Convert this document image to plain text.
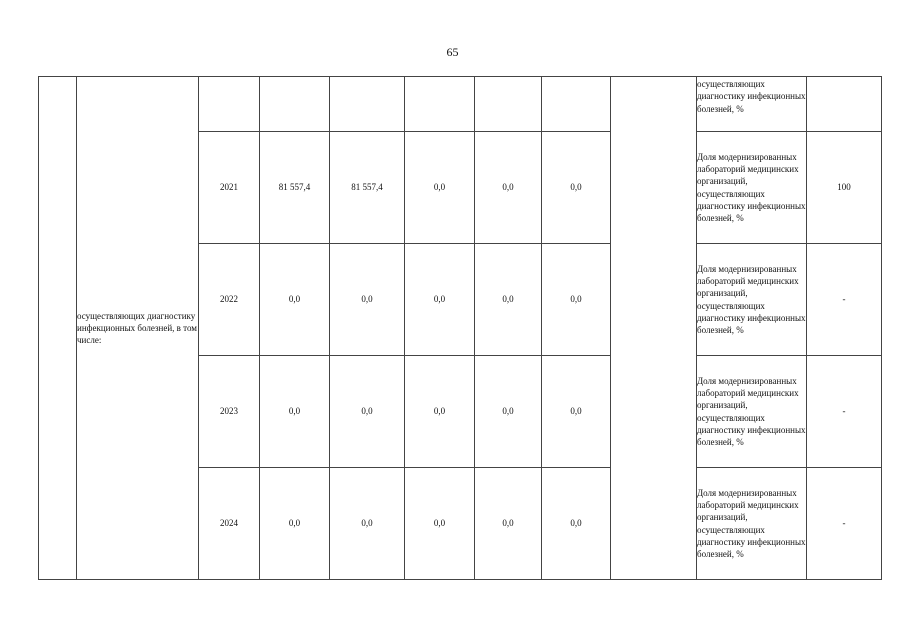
65
	осуществляющих диагностику инфекционных болезней, в том числе:								осуществляющих диагностику инфекционных болезней, %	

		2021	81 557,4	81 557,4	0,0	0,0	0,0		Доля модернизированных лабораторий медицинских организаций, осуществляющих диагностику инфекционных болезней, %	100
		2022	0,0	0,0	0,0	0,0	0,0		Доля модернизированных лабораторий медицинских организаций, осуществляющих диагностику инфекционных болезней, %	-
		2023	0,0	0,0	0,0	0,0	0,0		Доля модернизированных лабораторий медицинских организаций, осуществляющих диагностику инфекционных болезней, %	-
		2024	0,0	0,0	0,0	0,0	0,0		Доля модернизированных лабораторий медицинских организаций, осуществляющих диагностику инфекционных болезней, %	-
